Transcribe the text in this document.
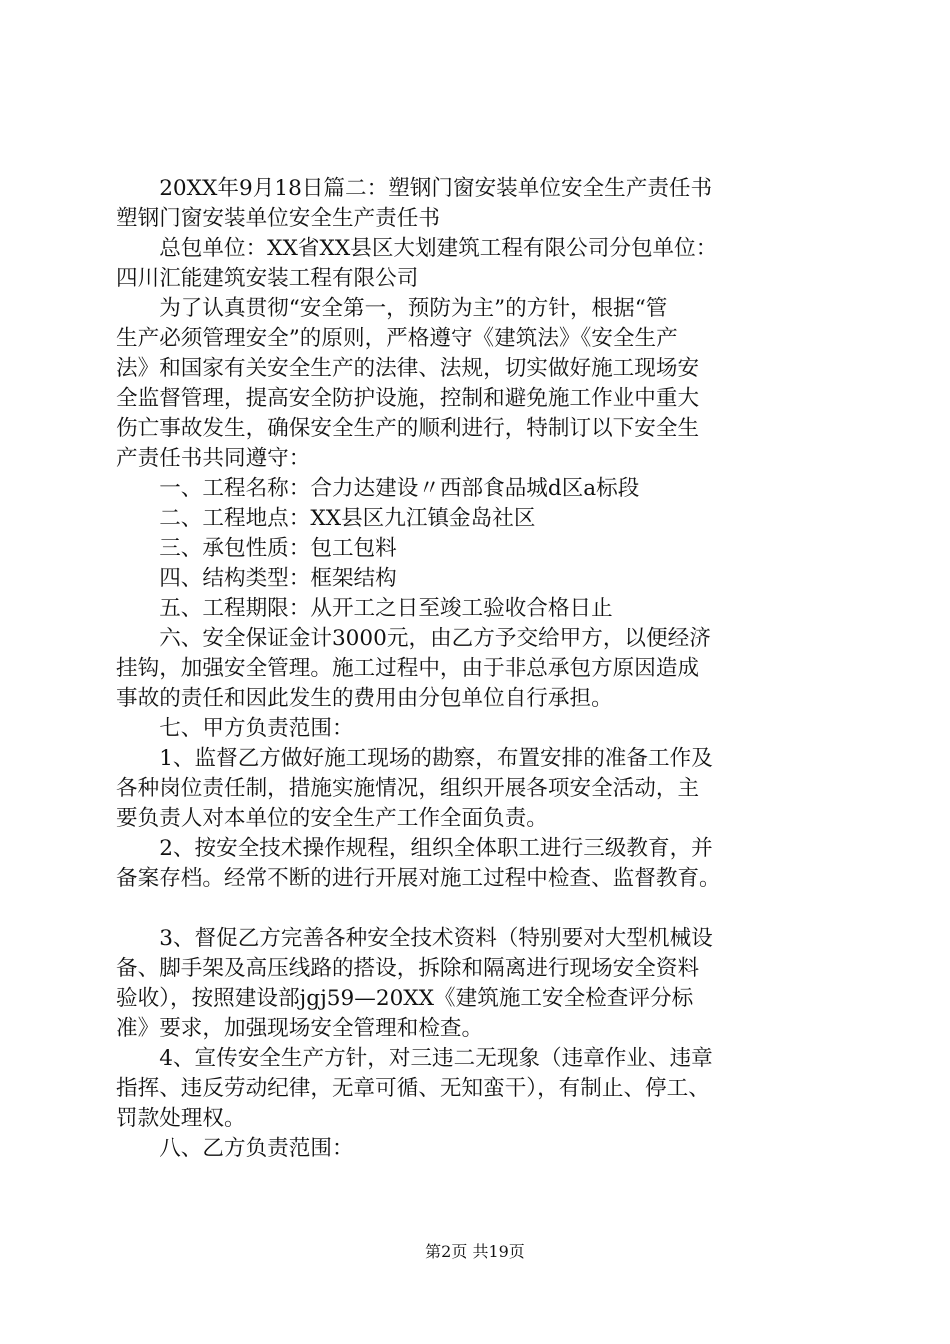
　　20XX年9月18日篇二：塑钢门窗安装单位安全生产责任书
塑钢门窗安装单位安全生产责任书
　　总包单位：XX省XX县区大划建筑工程有限公司分包单位：
四川汇能建筑安装工程有限公司
　　为了认真贯彻“安全第一，预防为主”的方针，根据“管
生产必须管理安全”的原则，严格遵守《建筑法》《安全生产
法》和国家有关安全生产的法律、法规，切实做好施工现场安
全监督管理，提高安全防护设施，控制和避免施工作业中重大
伤亡事故发生，确保安全生产的顺利进行，特制订以下安全生
产责任书共同遵守：
　　一、工程名称：合力达建设〃西部食品城d区a标段
　　二、工程地点：XX县区九江镇金岛社区
　　三、承包性质：包工包料
　　四、结构类型：框架结构
　　五、工程期限：从开工之日至竣工验收合格日止
　　六、安全保证金计3000元，由乙方予交给甲方，以便经济
挂钩，加强安全管理。施工过程中，由于非总承包方原因造成
事故的责任和因此发生的费用由分包单位自行承担。
　　七、甲方负责范围：
　　1、监督乙方做好施工现场的勘察，布置安排的准备工作及
各种岗位责任制，措施实施情况，组织开展各项安全活动，主
要负责人对本单位的安全生产工作全面负责。
　　2、按安全技术操作规程，组织全体职工进行三级教育，并
备案存档。经常不断的进行开展对施工过程中检查、监督教育。
　　3、督促乙方完善各种安全技术资料（特别要对大型机械设
备、脚手架及高压线路的搭设，拆除和隔离进行现场安全资料
验收），按照建设部jgj59—20XX《建筑施工安全检查评分标
准》要求，加强现场安全管理和检查。
　　4、宣传安全生产方针，对三违二无现象（违章作业、违章
指挥、违反劳动纪律，无章可循、无知蛮干），有制止、停工、
罚款处理权。
　　八、乙方负责范围：
第2页 共19页
